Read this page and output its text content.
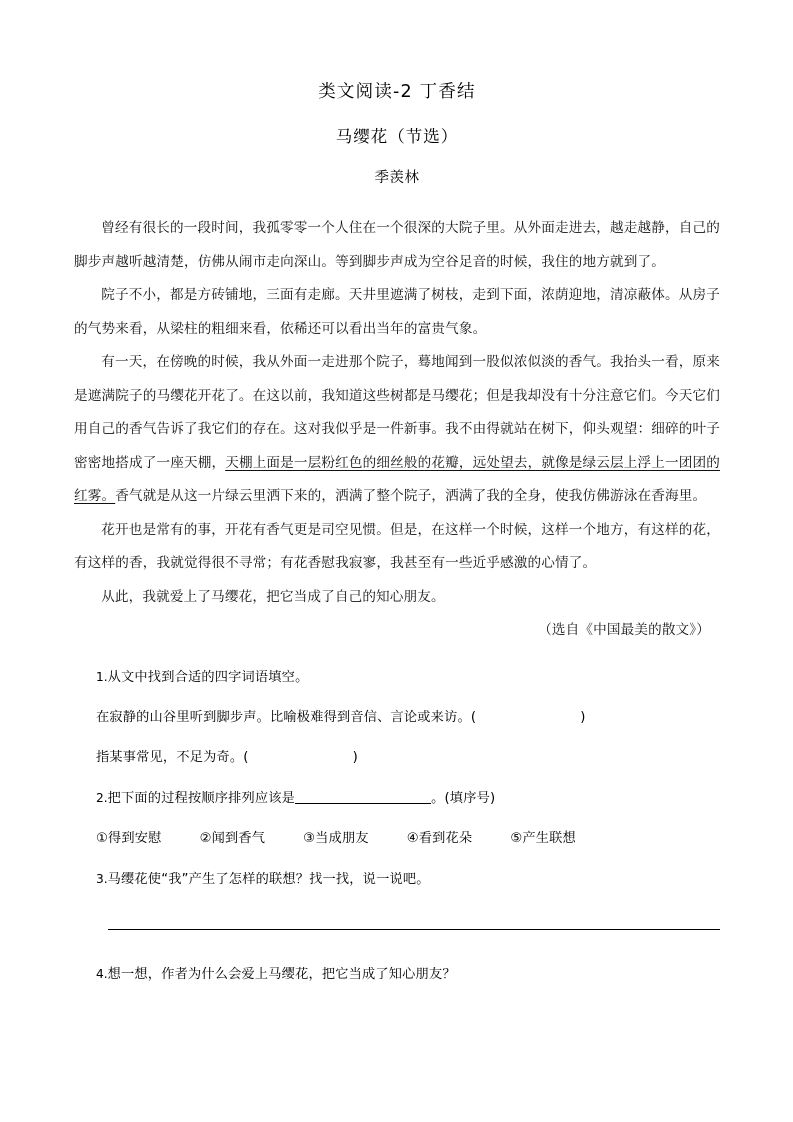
类文阅读-2 丁香结
马缨花（节选）
季羡林

曾经有很长的一段时间，我孤零零一个人住在一个很深的大院子里。从外面走进去，越走越静，自己的脚步声越听越清楚，仿佛从闹市走向深山。等到脚步声成为空谷足音的时候，我住的地方就到了。

院子不小，都是方砖铺地，三面有走廊。天井里遮满了树枝，走到下面，浓荫迎地，清凉蔽体。从房子的气势来看，从梁柱的粗细来看，依稀还可以看出当年的富贵气象。

有一天，在傍晚的时候，我从外面一走进那个院子，蓦地闻到一股似浓似淡的香气。我抬头一看，原来是遮满院子的马缨花开花了。在这以前，我知道这些树都是马缨花；但是我却没有十分注意它们。今天它们用自己的香气告诉了我它们的存在。这对我似乎是一件新事。我不由得就站在树下，仰头观望：细碎的叶子密密地搭成了一座天棚，天棚上面是一层粉红色的细丝般的花瓣，远处望去，就像是绿云层上浮上一团团的红雾。香气就是从这一片绿云里洒下来的，洒满了整个院子，洒满了我的全身，使我仿佛游泳在香海里。

花开也是常有的事，开花有香气更是司空见惯。但是，在这样一个时候，这样一个地方，有这样的花，有这样的香，我就觉得很不寻常；有花香慰我寂寥，我甚至有一些近乎感激的心情了。

从此，我就爱上了马缨花，把它当成了自己的知心朋友。

（选自《中国最美的散文》）

1.从文中找到合适的四字词语填空。

在寂静的山谷里听到脚步声。比喻极难得到音信、言论或来访。(	)

指某事常见，不足为奇。(	)

2.把下面的过程按顺序排列应该是	。(填序号)

①得到安慰	②闻到香气	③当成朋友	④看到花朵	⑤产生联想

3.马缨花使“我”产生了怎样的联想？找一找，说一说吧。

4.想一想，作者为什么会爱上马缨花，把它当成了知心朋友？
